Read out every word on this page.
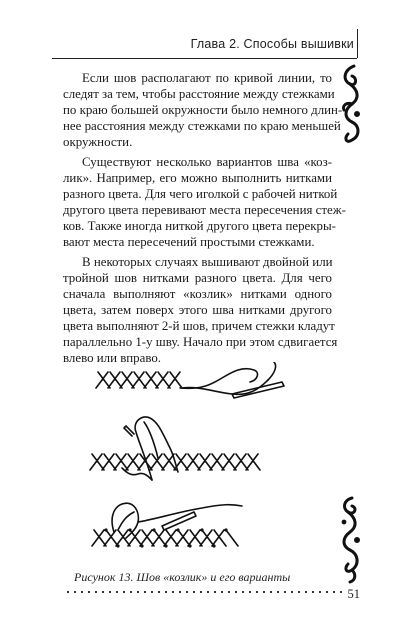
Глава 2. Способы вышивки

Если шов располагают по кривой линии, то
следят за тем, чтобы расстояние между стежками
по краю большей окружности было немного длин-
нее расстояния между стежками по краю меньшей
окружности.

Существуют несколько вариантов шва «коз-
лик». Например, его можно выполнить нитками
разного цвета. Для чего иголкой с рабочей ниткой
другого цвета перевивают места пересечения стеж-
ков. Также иногда ниткой другого цвета перекры-
вают места пересечений простыми стежками.

В некоторых случаях вышивают двойной или
тройной шов нитками разного цвета. Для чего
сначала выполняют «козлик» нитками одного
цвета, затем поверх этого шва нитками другого
цвета выполняют 2-й шов, причем стежки кладут
параллельно 1-у шву. Начало при этом сдвигается
влево или вправо.

Рисунок 13. Шов «козлик» и его варианты
51
